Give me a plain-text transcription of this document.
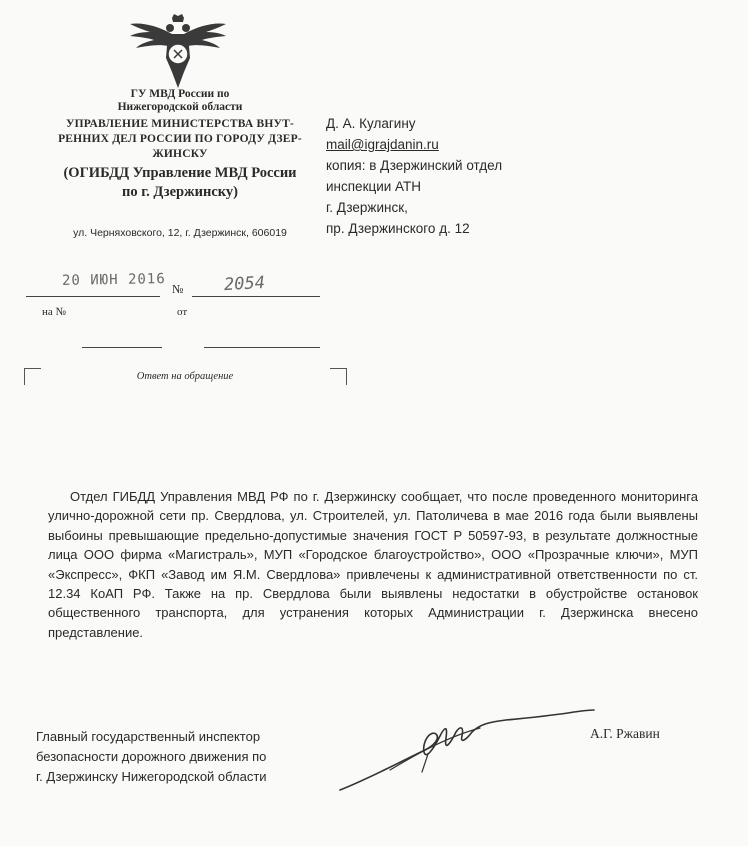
ГУ МВД России по
Нижегородской области
УПРАВЛЕНИЕ МИНИСТЕРСТВА ВНУТ-
РЕННИХ ДЕЛ РОССИИ ПО ГОРОДУ ДЗЕР-
ЖИНСКУ
(ОГИБДД Управление МВД России
по г. Дзержинску)
ул. Черняховского, 12, г. Дзержинск, 606019
Д. А. Кулагину
mail@igrajdanin.ru
копия: в Дзержинский отдел
инспекции АТН
г. Дзержинск,
пр. Дзержинского д. 12
20 ИЮН 2016
№ 2054
на №	от
Ответ на обращение
Отдел ГИБДД Управления МВД РФ по г. Дзержинску сообщает, что после проведенного мониторинга улично-дорожной сети пр. Свердлова, ул. Строителей, ул. Патоличева в мае 2016 года были выявлены выбоины превышающие предельно-допустимые значения ГОСТ Р 50597-93, в результате должностные лица ООО фирма «Магистраль», МУП «Городское благоустройство», ООО «Прозрачные ключи», МУП «Экспресс», ФКП «Завод им Я.М. Свердлова» привлечены к административной ответственности по ст. 12.34 КоАП РФ. Также на пр. Свердлова были выявлены недостатки в обустройстве остановок общественного транспорта, для устранения которых Администрации г. Дзержинска внесено представление.
Главный государственный инспектор
безопасности дорожного движения по
г. Дзержинску Нижегородской области
А.Г. Ржавин
